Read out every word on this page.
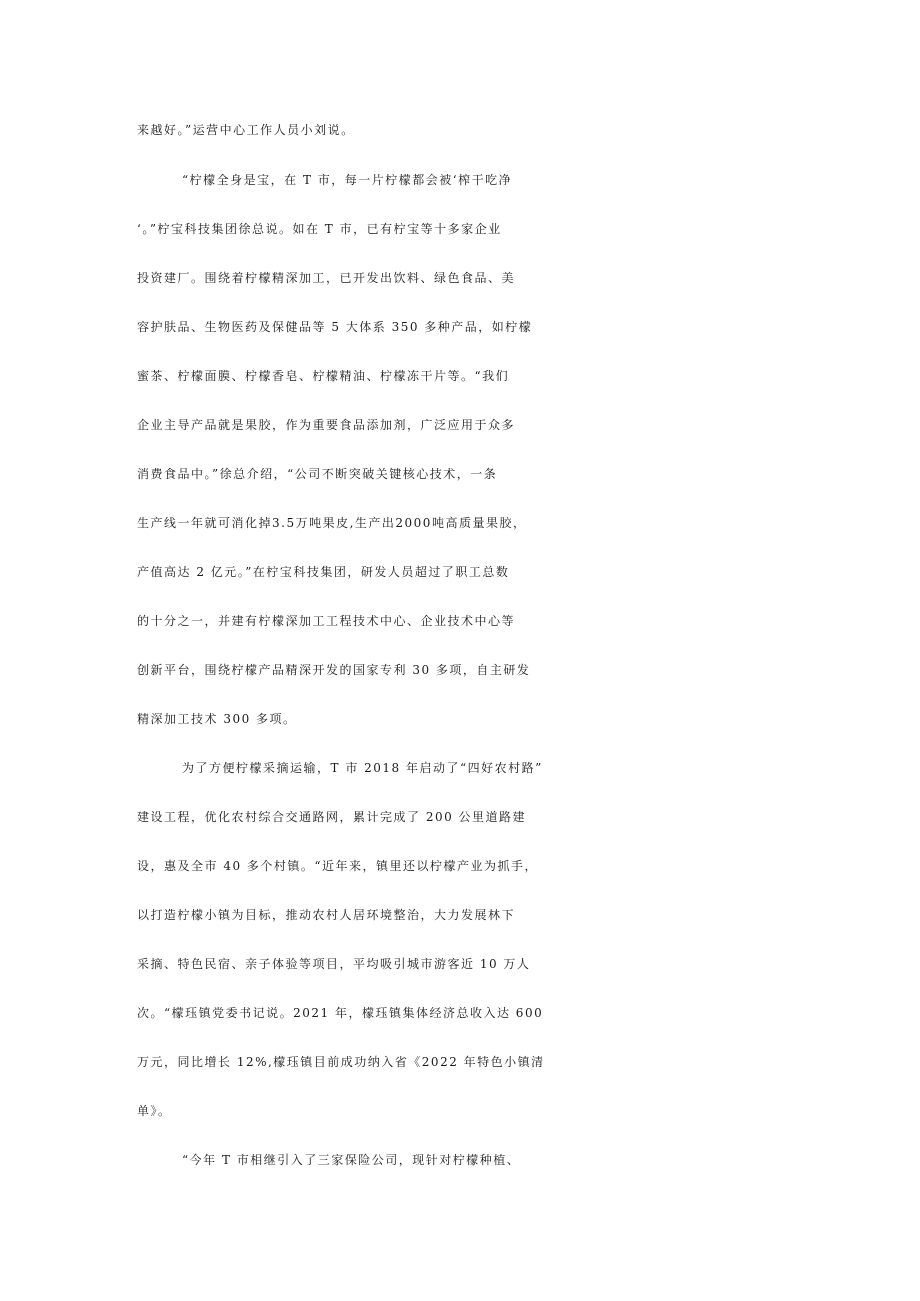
来越好。”运营中心工作人员小刘说。
“柠檬全身是宝，在 T 市，每一片柠檬都会被‘榨干吃净
‘。”柠宝科技集团徐总说。如在 T 市，已有柠宝等十多家企业
投资建厂。围绕着柠檬精深加工，已开发出饮料、绿色食品、美
容护肤品、生物医药及保健品等 5 大体系 350 多种产品，如柠檬
蜜茶、柠檬面膜、柠檬香皂、柠檬精油、柠檬冻干片等。“我们
企业主导产品就是果胶，作为重要食品添加剂，广泛应用于众多
消费食品中。”徐总介绍，“公司不断突破关键核心技术，一条
生产线一年就可消化掉3.5万吨果皮,生产出2000吨高质量果胶，
产值高达 2 亿元。”在柠宝科技集团，研发人员超过了职工总数
的十分之一，并建有柠檬深加工工程技术中心、企业技术中心等
创新平台，围绕柠檬产品精深开发的国家专利 30 多项，自主研发
精深加工技术 300 多项。
为了方便柠檬采摘运输，T 市 2018 年启动了“四好农村路”
建设工程，优化农村综合交通路网，累计完成了 200 公里道路建
设，惠及全市 40 多个村镇。“近年来，镇里还以柠檬产业为抓手，
以打造柠檬小镇为目标，推动农村人居环境整治，大力发展林下
采摘、特色民宿、亲子体验等项目，平均吸引城市游客近 10 万人
次。“檬珏镇党委书记说。2021 年，檬珏镇集体经济总收入达 600
万元，同比增长 12%,檬珏镇目前成功纳入省《2022 年特色小镇清
单》。
“今年 T 市相继引入了三家保险公司，现针对柠檬种植、
